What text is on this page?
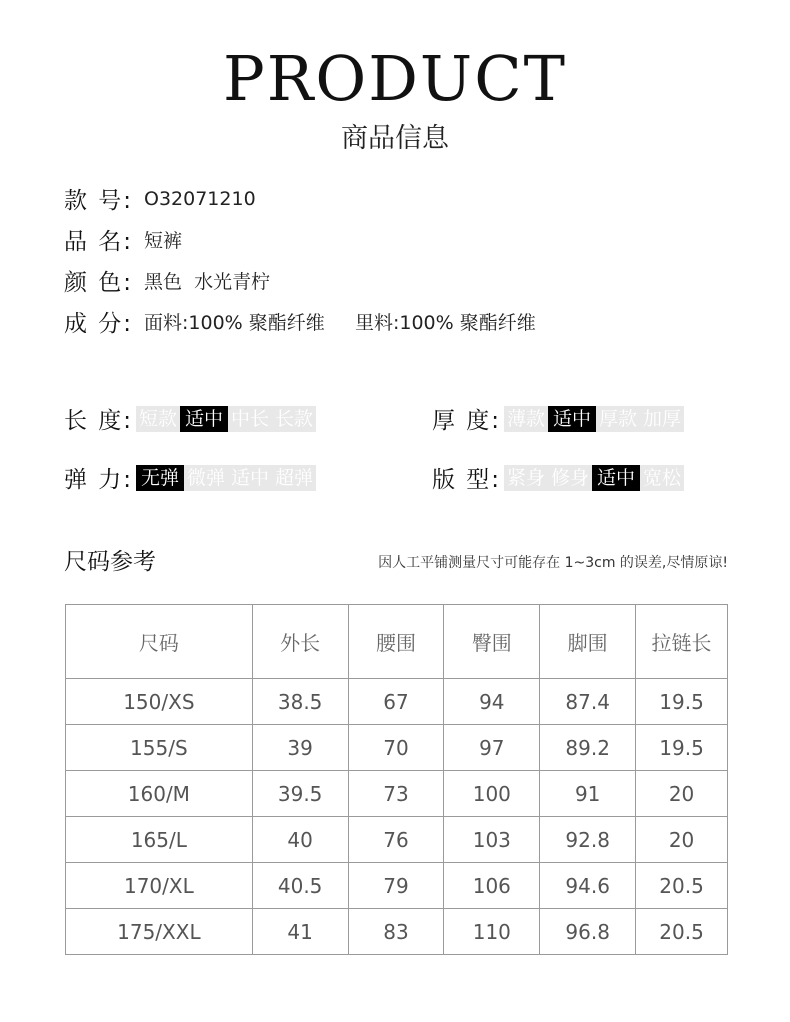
PRODUCT
商品信息
款 号: O32071210
品 名: 短裤
颜 色: 黑色  水光青柠
成 分: 面料:100% 聚酯纤维     里料:100% 聚酯纤维
长 度: 短款 适中 中长 长款	厚 度: 薄款 适中 厚款 加厚
弹 力: 无弹 微弹 适中 超弹	版 型: 紧身 修身 适中 宽松
尺码参考	因人工平铺测量尺寸可能存在 1~3cm 的误差,尽情原谅!
尺码	外长	腰围	臀围	脚围	拉链长
150/XS	38.5	67	94	87.4	19.5
155/S	39	70	97	89.2	19.5
160/M	39.5	73	100	91	20
165/L	40	76	103	92.8	20
170/XL	40.5	79	106	94.6	20.5
175/XXL	41	83	110	96.8	20.5
